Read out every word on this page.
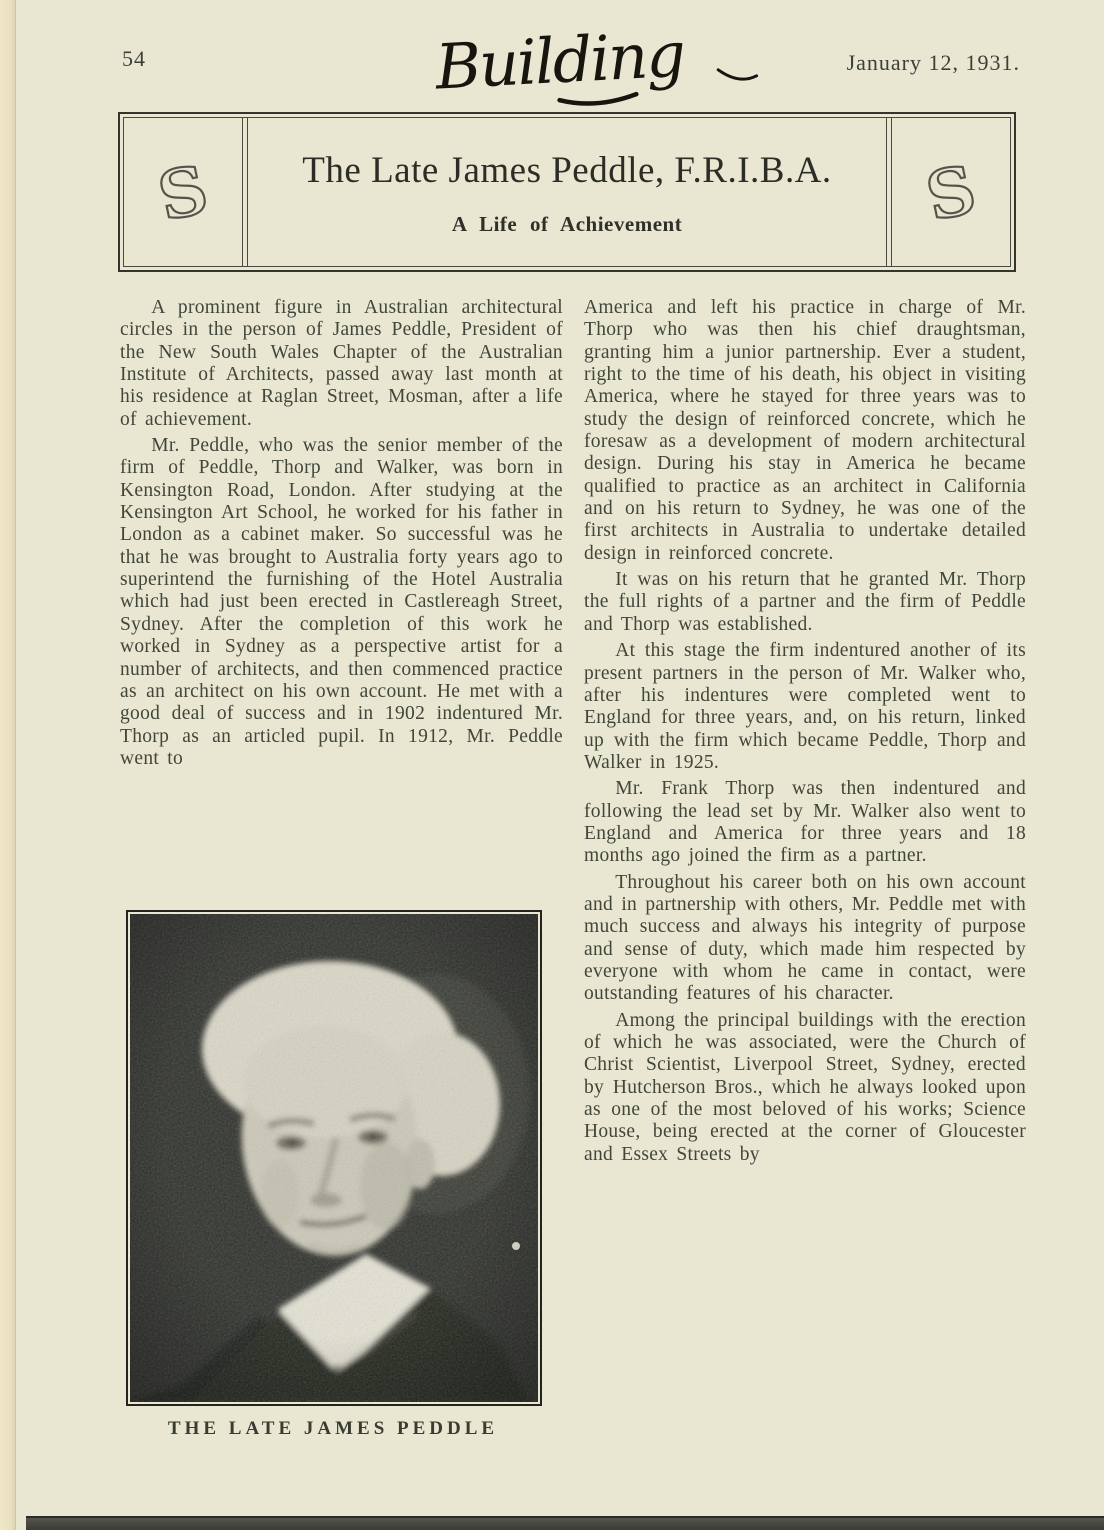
54	Building	January 12, 1931.
S The Late James Peddle, F.R.I.B.A.
A Life of Achievement	S

A prominent figure in Australian architectural circles in the person of James Peddle, President of the New South Wales Chapter of the Australian Institute of Architects, passed away last month at his residence at Raglan Street, Mosman, after a life of achievement.

Mr. Peddle, who was the senior member of the firm of Peddle, Thorp and Walker, was born in Kensington Road, London. After studying at the Kensington Art School, he worked for his father in London as a cabinet maker. So successful was he that he was brought to Australia forty years ago to superintend the furnishing of the Hotel Australia which had just been erected in Castlereagh Street, Sydney. After the completion of this work he worked in Sydney as a perspective artist for a number of architects, and then commenced practice as an architect on his own account. He met with a good deal of success and in 1902 indentured Mr. Thorp as an articled pupil. In 1912, Mr. Peddle went to

America and left his practice in charge of Mr. Thorp who was then his chief draughtsman, granting him a junior partnership. Ever a student, right to the time of his death, his object in visiting America, where he stayed for three years was to study the design of reinforced concrete, which he foresaw as a development of modern architectural design. During his stay in America he became qualified to practice as an architect in California and on his return to Sydney, he was one of the first architects in Australia to undertake detailed design in reinforced concrete.

It was on his return that he granted Mr. Thorp the full rights of a partner and the firm of Peddle and Thorp was established.

At this stage the firm indentured another of its present partners in the person of Mr. Walker who, after his indentures were completed went to England for three years, and, on his return, linked up with the firm which became Peddle, Thorp and Walker in 1925.

Mr. Frank Thorp was then indentured and following the lead set by Mr. Walker also went to England and America for three years and 18 months ago joined the firm as a partner.

Throughout his career both on his own account and in partnership with others, Mr. Peddle met with much success and always his integrity of purpose and sense of duty, which made him respected by everyone with whom he came in contact, were outstanding features of his character.

Among the principal buildings with the erection of which he was associated, were the Church of Christ Scientist, Liverpool Street, Sydney, erected by Hutcherson Bros., which he always looked upon as one of the most beloved of his works; Science House, being erected at the corner of Gloucester and Essex Streets by

THE LATE JAMES PEDDLE
